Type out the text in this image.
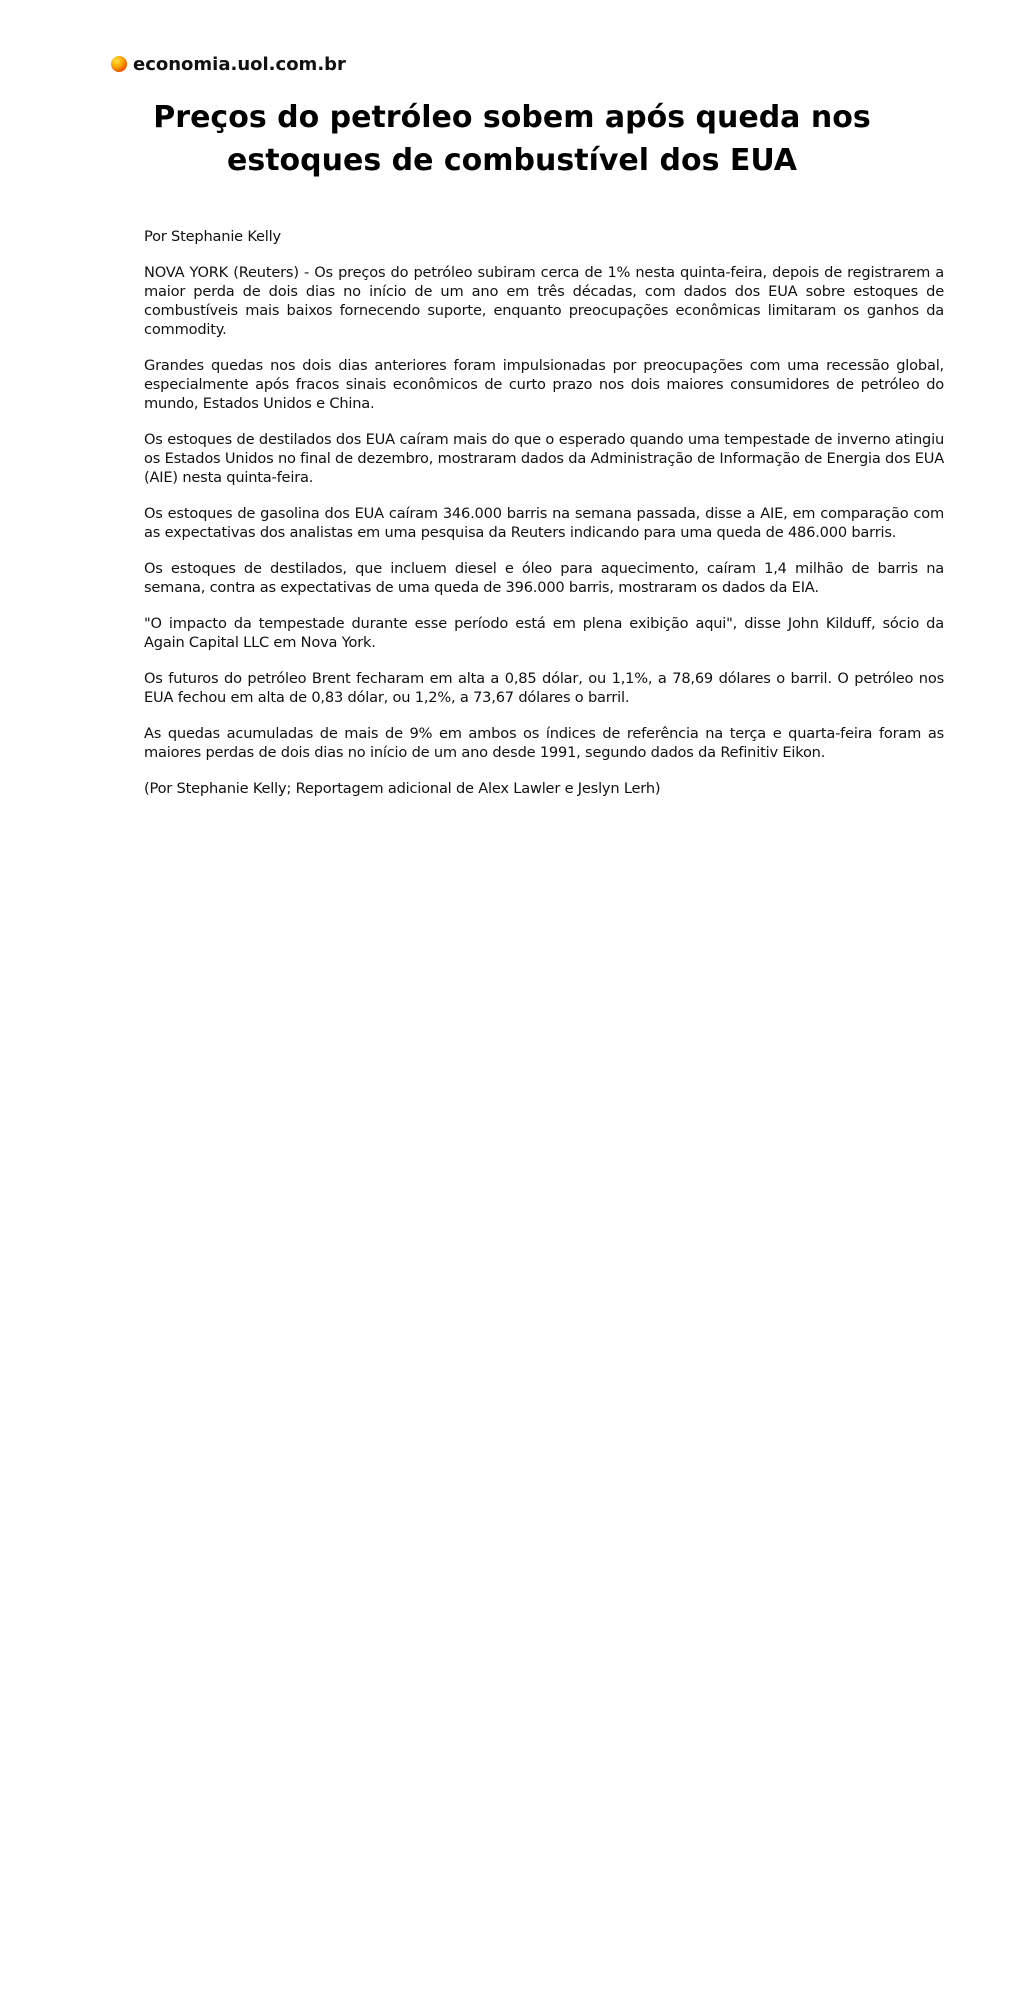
economia.uol.com.br
Preços do petróleo sobem após queda nos estoques de combustível dos EUA

Por Stephanie Kelly

NOVA YORK (Reuters) - Os preços do petróleo subiram cerca de 1% nesta quinta-feira, depois de registrarem a maior perda de dois dias no início de um ano em três décadas, com dados dos EUA sobre estoques de combustíveis mais baixos fornecendo suporte, enquanto preocupações econômicas limitaram os ganhos da commodity.

Grandes quedas nos dois dias anteriores foram impulsionadas por preocupações com uma recessão global, especialmente após fracos sinais econômicos de curto prazo nos dois maiores consumidores de petróleo do mundo, Estados Unidos e China.

Os estoques de destilados dos EUA caíram mais do que o esperado quando uma tempestade de inverno atingiu os Estados Unidos no final de dezembro, mostraram dados da Administração de Informação de Energia dos EUA (AIE) nesta quinta-feira.

Os estoques de gasolina dos EUA caíram 346.000 barris na semana passada, disse a AIE, em comparação com as expectativas dos analistas em uma pesquisa da Reuters indicando para uma queda de 486.000 barris.

Os estoques de destilados, que incluem diesel e óleo para aquecimento, caíram 1,4 milhão de barris na semana, contra as expectativas de uma queda de 396.000 barris, mostraram os dados da EIA.

"O impacto da tempestade durante esse período está em plena exibição aqui", disse John Kilduff, sócio da Again Capital LLC em Nova York.

Os futuros do petróleo Brent fecharam em alta a 0,85 dólar, ou 1,1%, a 78,69 dólares o barril. O petróleo nos EUA fechou em alta de 0,83 dólar, ou 1,2%, a 73,67 dólares o barril.

As quedas acumuladas de mais de 9% em ambos os índices de referência na terça e quarta-feira foram as maiores perdas de dois dias no início de um ano desde 1991, segundo dados da Refinitiv Eikon.

(Por Stephanie Kelly; Reportagem adicional de Alex Lawler e Jeslyn Lerh)
